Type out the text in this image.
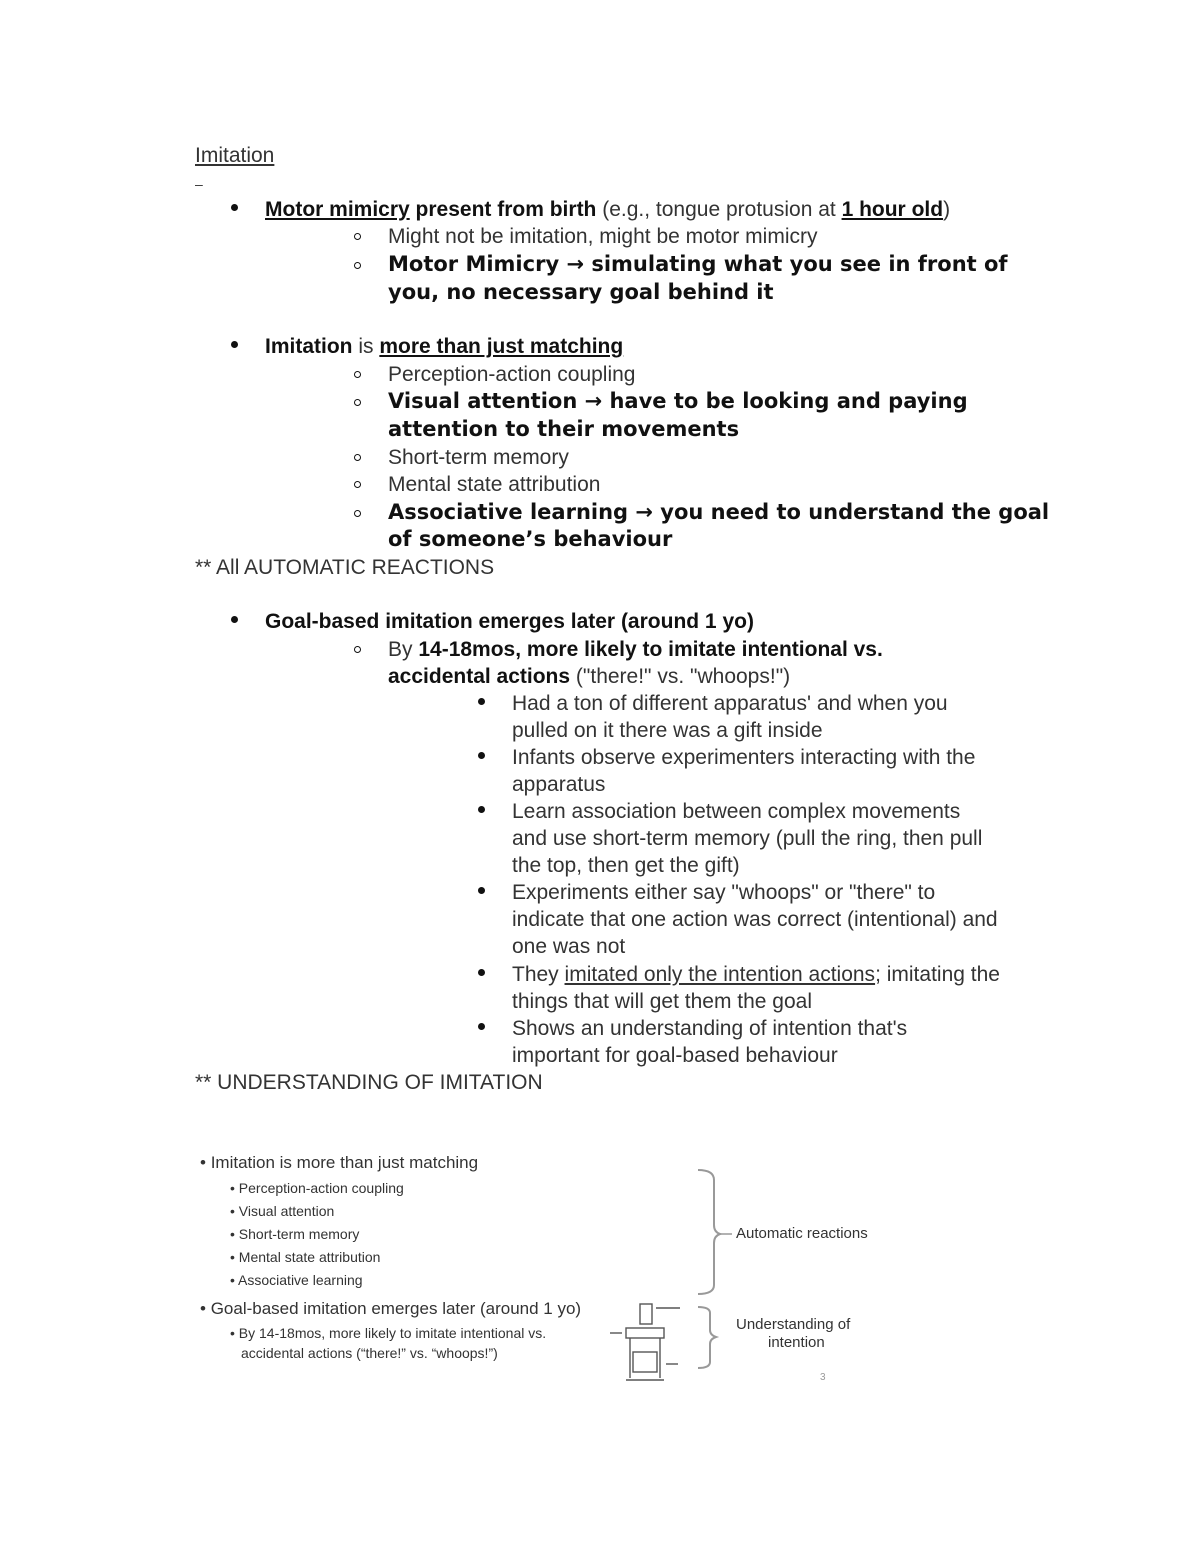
Imitation
–
Motor mimicry present from birth (e.g., tongue protusion at 1 hour old)
Might not be imitation, might be motor mimicry
Motor Mimicry → simulating what you see in front of
you, no necessary goal behind it
Imitation is more than just matching
Perception-action coupling
Visual attention → have to be looking and paying
attention to their movements
Short-term memory
Mental state attribution
Associative learning → you need to understand the goal
of someone’s behaviour
** All AUTOMATIC REACTIONS
Goal-based imitation emerges later (around 1 yo)
By 14-18mos, more likely to imitate intentional vs.
accidental actions ("there!" vs. "whoops!")
Had a ton of different apparatus' and when you
pulled on it there was a gift inside
Infants observe experimenters interacting with the
apparatus
Learn association between complex movements
and use short-term memory (pull the ring, then pull
the top, then get the gift)
Experiments either say "whoops" or "there" to
indicate that one action was correct (intentional) and
one was not
They imitated only the intention actions; imitating the
things that will get them the goal
Shows an understanding of intention that's
important for goal-based behaviour
** UNDERSTANDING OF IMITATION
• Imitation is more than just matching
• Perception-action coupling
• Visual attention
• Short-term memory
• Mental state attribution
• Associative learning
• Goal-based imitation emerges later (around 1 yo)
• By 14-18mos, more likely to imitate intentional vs.
accidental actions (“there!” vs. “whoops!”)
Automatic reactions
Understanding of
intention
3
